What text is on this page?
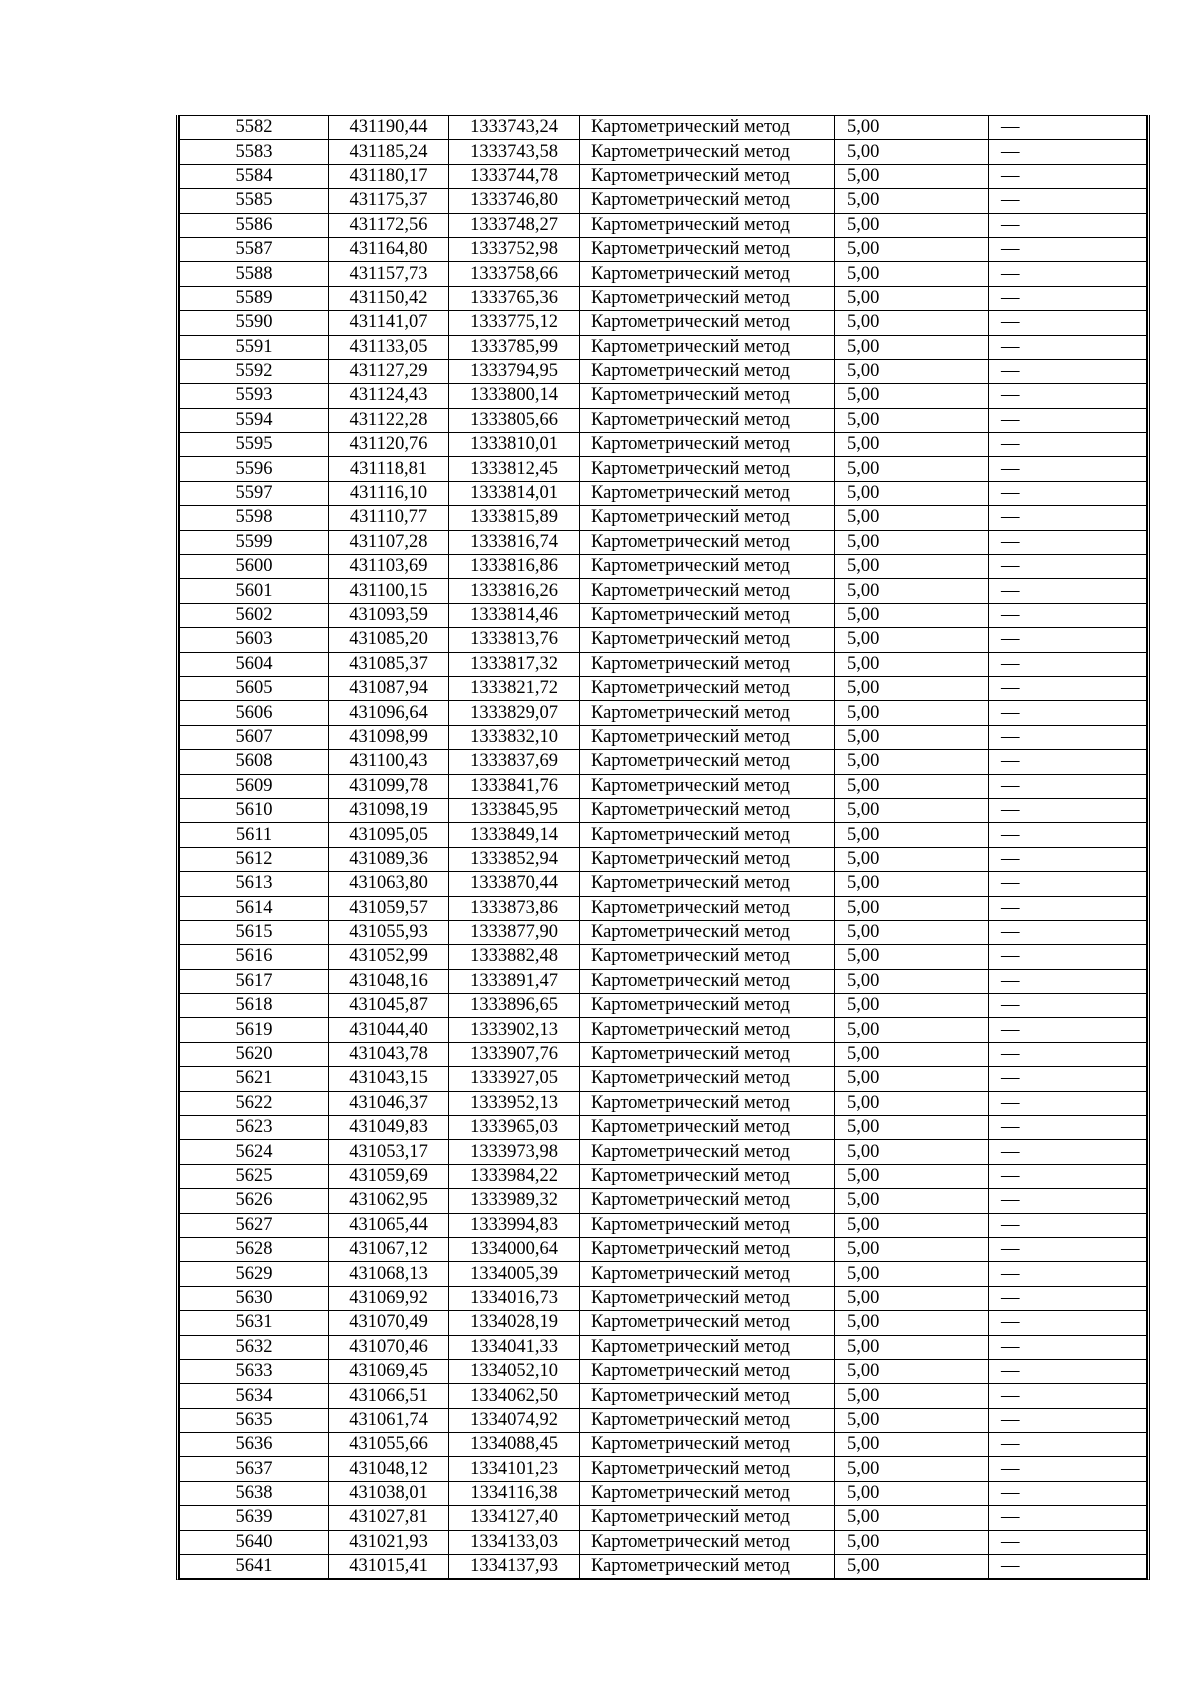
5582	431190,44	1333743,24	Картометрический метод	5,00	—
5583	431185,24	1333743,58	Картометрический метод	5,00	—
5584	431180,17	1333744,78	Картометрический метод	5,00	—
5585	431175,37	1333746,80	Картометрический метод	5,00	—
5586	431172,56	1333748,27	Картометрический метод	5,00	—
5587	431164,80	1333752,98	Картометрический метод	5,00	—
5588	431157,73	1333758,66	Картометрический метод	5,00	—
5589	431150,42	1333765,36	Картометрический метод	5,00	—
5590	431141,07	1333775,12	Картометрический метод	5,00	—
5591	431133,05	1333785,99	Картометрический метод	5,00	—
5592	431127,29	1333794,95	Картометрический метод	5,00	—
5593	431124,43	1333800,14	Картометрический метод	5,00	—
5594	431122,28	1333805,66	Картометрический метод	5,00	—
5595	431120,76	1333810,01	Картометрический метод	5,00	—
5596	431118,81	1333812,45	Картометрический метод	5,00	—
5597	431116,10	1333814,01	Картометрический метод	5,00	—
5598	431110,77	1333815,89	Картометрический метод	5,00	—
5599	431107,28	1333816,74	Картометрический метод	5,00	—
5600	431103,69	1333816,86	Картометрический метод	5,00	—
5601	431100,15	1333816,26	Картометрический метод	5,00	—
5602	431093,59	1333814,46	Картометрический метод	5,00	—
5603	431085,20	1333813,76	Картометрический метод	5,00	—
5604	431085,37	1333817,32	Картометрический метод	5,00	—
5605	431087,94	1333821,72	Картометрический метод	5,00	—
5606	431096,64	1333829,07	Картометрический метод	5,00	—
5607	431098,99	1333832,10	Картометрический метод	5,00	—
5608	431100,43	1333837,69	Картометрический метод	5,00	—
5609	431099,78	1333841,76	Картометрический метод	5,00	—
5610	431098,19	1333845,95	Картометрический метод	5,00	—
5611	431095,05	1333849,14	Картометрический метод	5,00	—
5612	431089,36	1333852,94	Картометрический метод	5,00	—
5613	431063,80	1333870,44	Картометрический метод	5,00	—
5614	431059,57	1333873,86	Картометрический метод	5,00	—
5615	431055,93	1333877,90	Картометрический метод	5,00	—
5616	431052,99	1333882,48	Картометрический метод	5,00	—
5617	431048,16	1333891,47	Картометрический метод	5,00	—
5618	431045,87	1333896,65	Картометрический метод	5,00	—
5619	431044,40	1333902,13	Картометрический метод	5,00	—
5620	431043,78	1333907,76	Картометрический метод	5,00	—
5621	431043,15	1333927,05	Картометрический метод	5,00	—
5622	431046,37	1333952,13	Картометрический метод	5,00	—
5623	431049,83	1333965,03	Картометрический метод	5,00	—
5624	431053,17	1333973,98	Картометрический метод	5,00	—
5625	431059,69	1333984,22	Картометрический метод	5,00	—
5626	431062,95	1333989,32	Картометрический метод	5,00	—
5627	431065,44	1333994,83	Картометрический метод	5,00	—
5628	431067,12	1334000,64	Картометрический метод	5,00	—
5629	431068,13	1334005,39	Картометрический метод	5,00	—
5630	431069,92	1334016,73	Картометрический метод	5,00	—
5631	431070,49	1334028,19	Картометрический метод	5,00	—
5632	431070,46	1334041,33	Картометрический метод	5,00	—
5633	431069,45	1334052,10	Картометрический метод	5,00	—
5634	431066,51	1334062,50	Картометрический метод	5,00	—
5635	431061,74	1334074,92	Картометрический метод	5,00	—
5636	431055,66	1334088,45	Картометрический метод	5,00	—
5637	431048,12	1334101,23	Картометрический метод	5,00	—
5638	431038,01	1334116,38	Картометрический метод	5,00	—
5639	431027,81	1334127,40	Картометрический метод	5,00	—
5640	431021,93	1334133,03	Картометрический метод	5,00	—
5641	431015,41	1334137,93	Картометрический метод	5,00	—
